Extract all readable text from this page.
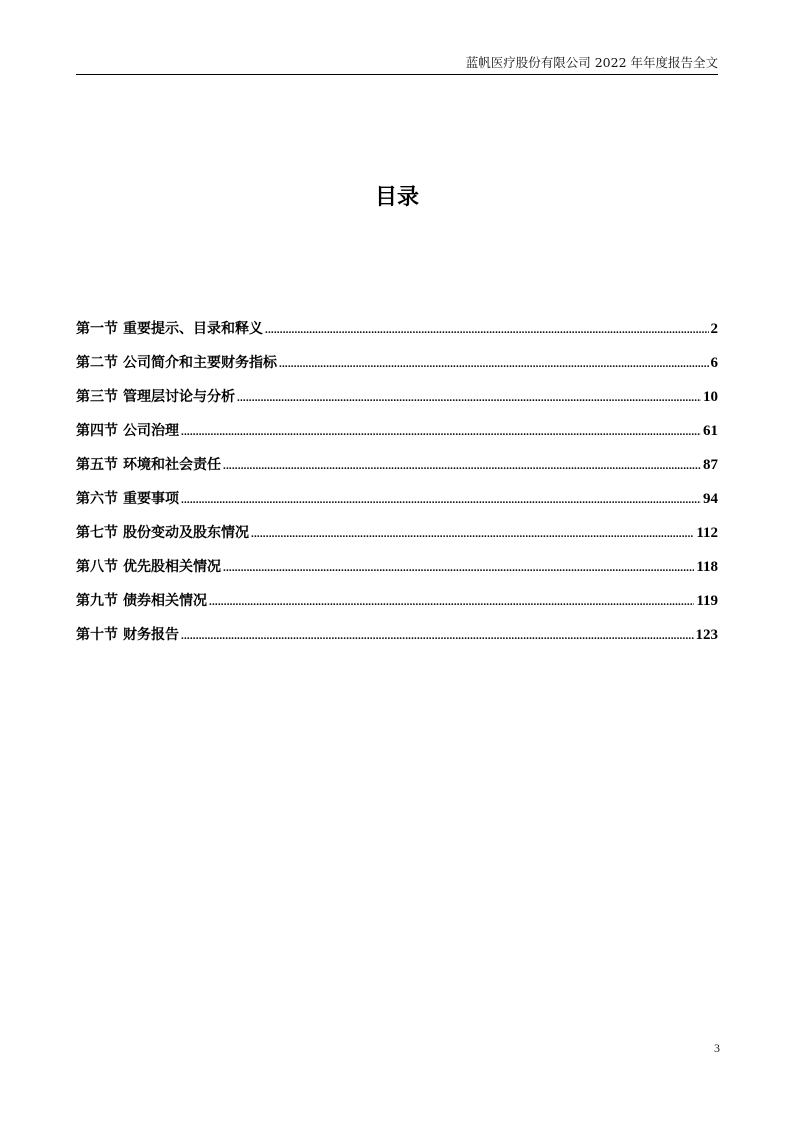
蓝帆医疗股份有限公司 2022 年年度报告全文
目录
第一节 重要提示、目录和释义 .....	2
第二节 公司简介和主要财务指标 .....	6
第三节 管理层讨论与分析 .....	10
第四节 公司治理 .....	61
第五节 环境和社会责任 .....	87
第六节 重要事项 .....	94
第七节 股份变动及股东情况 .....	112
第八节 优先股相关情况 .....	118
第九节 债券相关情况 .....	119
第十节 财务报告 .....	123
3
